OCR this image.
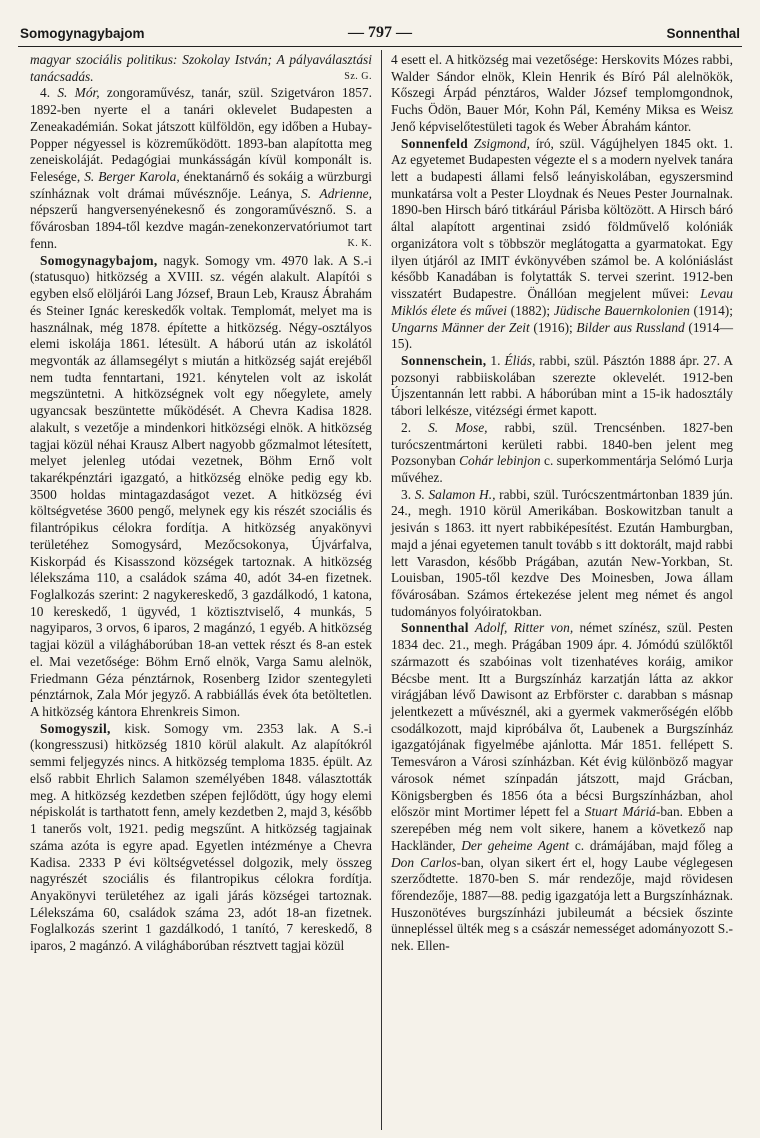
Somogynagybajom	— 797 —	Sonnenthal

magyar szociális politikus: Szokolay István; A pályaválasztási tanácsadás.	Sz. G.

4. S. Mór, zongoraművész, tanár, szül. Szigetváron 1857. 1892-ben nyerte el a tanári oklevelet Budapesten a Zeneakadémián. Sokat játszott külföldön, egy időben a Hubay-Popper négyessel is közreműködött. 1893-ban alapította meg zeneiskoláját. Pedagógiai munkásságán kívül komponált is. Felesége, S. Berger Karola, énektanárnő és sokáig a würzburgi színháznak volt drámai művésznője. Leánya, S. Adrienne, népszerű hangversenyénekesnő és zongoraművésznő. S. a fővárosban 1894-től kezdve magán-zenekonzervatóriumot tart fenn.	K. K.

Somogynagybajom, nagyk. Somogy vm. 4970 lak. A S.-i (statusquo) hitközség a XVIII. sz. végén alakult. Alapítói s egyben első elöljárói Lang József, Braun Leb, Krausz Ábrahám és Steiner Ignác kereskedők voltak. Templomát, melyet ma is használnak, még 1878. építette a hitközség. Négy-osztályos elemi iskolája 1861. létesült. A háború után az iskolától megvonták az államsegélyt s miután a hitközség saját erejéből nem tudta fenntartani, 1921. kénytelen volt az iskolát megszüntetni. A hitközségnek volt egy nőegylete, amely ugyancsak beszüntette működését. A Chevra Kadisa 1828. alakult, s vezetője a mindenkori hitközségi elnök. A hitközség tagjai közül néhai Krausz Albert nagyobb gőzmalmot létesített, melyet jelenleg utódai vezetnek, Böhm Ernő volt takarékpénztári igazgató, a hitközség elnöke pedig egy kb. 3500 holdas mintagazdaságot vezet. A hitközség évi költségvetése 3600 pengő, melynek egy kis részét szociális és filantrópikus célokra fordítja. A hitközség anyakönyvi területéhez Somogysárd, Mezőcsokonya, Újvárfalva, Kiskorpád és Kisasszond községek tartoznak. A hitközség lélekszáma 110, a családok száma 40, adót 34-en fizetnek. Foglalkozás szerint: 2 nagykereskedő, 3 gazdálkodó, 1 katona, 10 kereskedő, 1 ügyvéd, 1 köztisztviselő, 4 munkás, 5 nagyiparos, 3 orvos, 6 iparos, 2 magánzó, 1 egyéb. A hitközség tagjai közül a világháborúban 18-an vettek részt és 8-an estek el. Mai vezetősége: Böhm Ernő elnök, Varga Samu alelnök, Friedmann Géza pénztárnok, Rosenberg Izidor szentegyleti pénztárnok, Zala Mór jegyző. A rabbiállás évek óta betöltetlen. A hitközség kántora Ehrenkreis Simon.

Somogyszil, kisk. Somogy vm. 2353 lak. A S.-i (kongresszusi) hitközség 1810 körül alakult. Az alapítókról semmi feljegyzés nincs. A hitközség temploma 1835. épült. Az első rabbit Ehrlich Salamon személyében 1848. választották meg. A hitközség kezdetben szépen fejlődött, úgy hogy elemi népiskolát is tarthatott fenn, amely kezdetben 2, majd 3, később 1 tanerős volt, 1921. pedig megszűnt. A hitközség tagjainak száma azóta is egyre apad. Egyetlen intézménye a Chevra Kadisa. 2333 P évi költségvetéssel dolgozik, mely összeg nagyrészét szociális és filantropikus célokra fordítja. Anyakönyvi területéhez az igali járás községei tartoznak. Lélekszáma 60, családok száma 23, adót 18-an fizetnek. Foglalkozás szerint 1 gazdálkodó, 1 tanító, 7 kereskedő, 8 iparos, 2 magánzó. A világháborúban résztvett tagjai közül

4 esett el. A hitközség mai vezetősége: Herskovits Mózes rabbi, Walder Sándor elnök, Klein Henrik és Bíró Pál alelnökök, Kőszegi Árpád pénztáros, Walder József templomgondnok, Fuchs Ödön, Bauer Mór, Kohn Pál, Kemény Miksa es Weisz Jenő képviselőtestületi tagok és Weber Ábrahám kántor.

Sonnenfeld Zsigmond, író, szül. Vágújhelyen 1845 okt. 1. Az egyetemet Budapesten végezte el s a modern nyelvek tanára lett a budapesti állami felső leányiskolában, egyszersmind munkatársa volt a Pester Lloydnak és Neues Pester Journalnak. 1890-ben Hirsch báró titkárául Párisba költözött. A Hirsch báró által alapított argentinai zsidó földművelő kolóniák organizátora volt s többször meglátogatta a gyarmatokat. Egy ilyen útjáról az IMIT évkönyvében számol be. A kolóniáslást később Kanadában is folytatták S. tervei szerint. 1912-ben visszatért Budapestre. Önállóan megjelent művei: Levau Miklós élete és művei (1882); Jüdische Bauernkolonien (1914); Ungarns Männer der Zeit (1916); Bilder aus Russland (1914—15).

Sonnenschein, 1. Éliás, rabbi, szül. Pásztón 1888 ápr. 27. A pozsonyi rabbiiskolában szerezte oklevelét. 1912-ben Újszentannán lett rabbi. A háborúban mint a 15-ik hadosztály tábori lelkésze, vitézségi érmet kapott.

2. S. Mose, rabbi, szül. Trencsénben. 1827-ben turócszentmártoni kerületi rabbi. 1840-ben jelent meg Pozsonyban Cohár lebinjon c. superkommentárja Selómó Lurja művéhez.

3. S. Salamon H., rabbi, szül. Turócszentmártonban 1839 jún. 24., megh. 1910 körül Amerikában. Boskowitzban tanult a jesiván s 1863. itt nyert rabbiképesítést. Ezután Hamburgban, majd a jénai egyetemen tanult tovább s itt doktorált, majd rabbi lett Varasdon, később Prágában, azután New-Yorkban, St. Louisban, 1905-től kezdve Des Moinesben, Jowa állam fővárosában. Számos értekezése jelent meg német és angol tudományos folyóiratokban.

Sonnenthal Adolf, Ritter von, német színész, szül. Pesten 1834 dec. 21., megh. Prágában 1909 ápr. 4. Jómódú szülőktől származott és szabóinas volt tizenhatéves koráig, amikor Bécsbe ment. Itt a Burgszínház karzatján látta az akkor virágjában lévő Dawisont az Erbförster c. darabban s másnap jelentkezett a művésznél, aki a gyermek vakmerőségén előbb csodálkozott, majd kipróbálva őt, Laubenek a Burgszínház igazgatójának figyelmébe ajánlotta. Már 1851. fellépett S. Temesváron a Városi színházban. Két évig különböző magyar városok német színpadán játszott, majd Grácban, Königsbergben és 1856 óta a bécsi Burgszínházban, ahol először mint Mortimer lépett fel a Stuart Máriá-ban. Ebben a szerepében még nem volt sikere, hanem a következő nap Hackländer, Der geheime Agent c. drámájában, majd főleg a Don Carlos-ban, olyan sikert ért el, hogy Laube véglegesen szerződtette. 1870-ben S. már rendezője, majd rövidesen főrendezője, 1887—88. pedig igazgatója lett a Burgszínháznak. Huszonötéves burgszínházi jubileumát a bécsiek őszinte ünnepléssel ülték meg s a császár nemességet adományozott S.-nek. Ellen-
